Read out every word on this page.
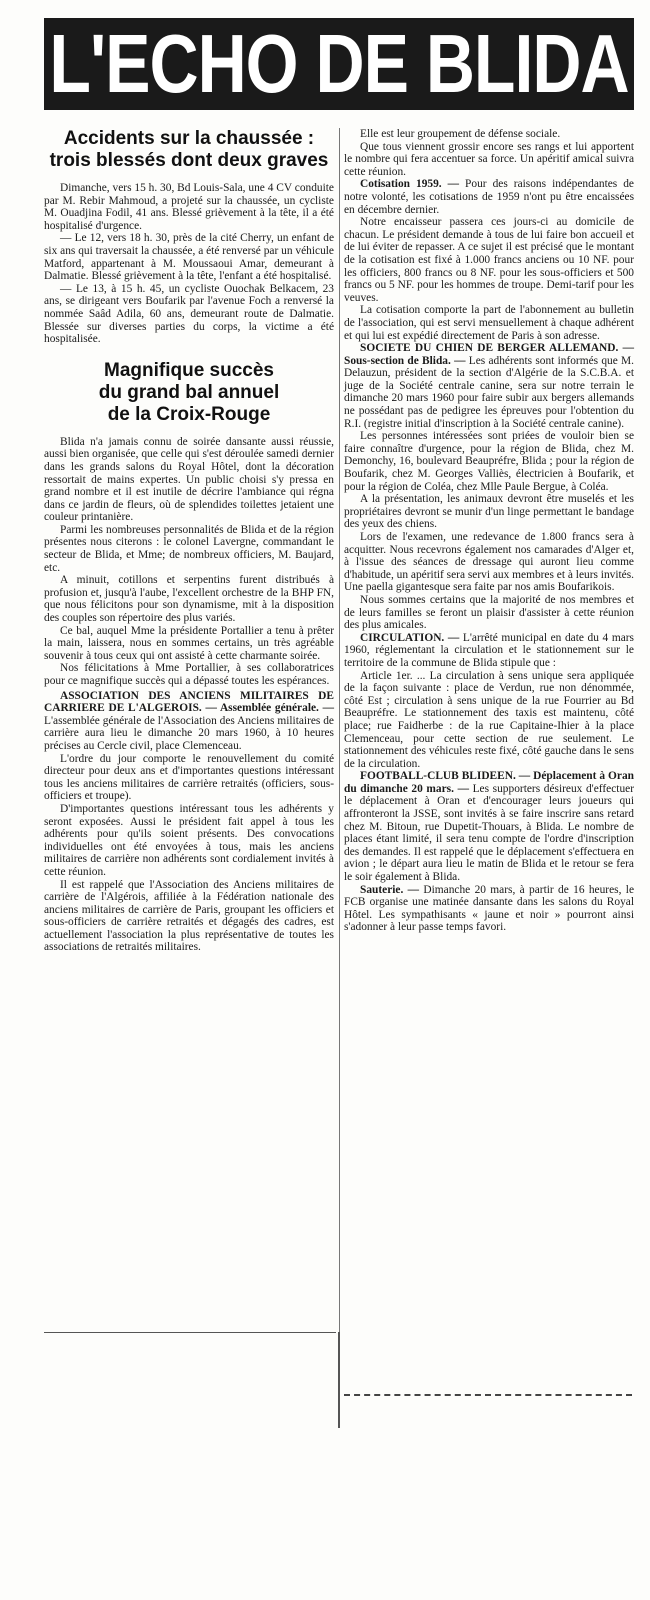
L'ECHO DE BLIDA
Accidents sur la chaussée :
trois blessés dont deux graves

Dimanche, vers 15 h. 30, Bd Louis-Sala, une 4 CV conduite par M. Rebir Mahmoud, a projeté sur la chaussée, un cycliste M. Ouadjina Fodil, 41 ans. Blessé grièvement à la tête, il a été hospitalisé d'urgence.

— Le 12, vers 18 h. 30, près de la cité Cherry, un enfant de six ans qui traversait la chaussée, a été renversé par un véhicule Matford, appartenant à M. Moussaoui Amar, demeurant à Dalmatie. Blessé grièvement à la tête, l'enfant a été hospitalisé.

— Le 13, à 15 h. 45, un cycliste Ouochak Belkacem, 23 ans, se dirigeant vers Boufarik par l'avenue Foch a renversé la nommée Saâd Adila, 60 ans, demeurant route de Dalmatie. Blessée sur diverses parties du corps, la victime a été hospitalisée.

Magnifique succès
du grand bal annuel
de la Croix-Rouge

Blida n'a jamais connu de soirée dansante aussi réussie, aussi bien organisée, que celle qui s'est déroulée samedi dernier dans les grands salons du Royal Hôtel, dont la décoration ressortait de mains expertes. Un public choisi s'y pressa en grand nombre et il est inutile de décrire l'ambiance qui régna dans ce jardin de fleurs, où de splendides toilettes jetaient une couleur printanière.

Parmi les nombreuses personnalités de Blida et de la région présentes nous citerons : le colonel Lavergne, commandant le secteur de Blida, et Mme; de nombreux officiers, M. Baujard, etc.

A minuit, cotillons et serpentins furent distribués à profusion et, jusqu'à l'aube, l'excellent orchestre de la BHP FN, que nous félicitons pour son dynamisme, mit à la disposition des couples son répertoire des plus variés.

Ce bal, auquel Mme la présidente Portallier a tenu à prêter la main, laissera, nous en sommes certains, un très agréable souvenir à tous ceux qui ont assisté à cette charmante soirée.

Nos félicitations à Mme Portallier, à ses collaboratrices pour ce magnifique succès qui a dépassé toutes les espérances.

ASSOCIATION DES ANCIENS MILITAIRES DE CARRIERE DE L'ALGEROIS. — Assemblée générale. — L'assemblée générale de l'Association des Anciens militaires de carrière aura lieu le dimanche 20 mars 1960, à 10 heures précises au Cercle civil, place Clemenceau.

L'ordre du jour comporte le renouvellement du comité directeur pour deux ans et d'importantes questions intéressant tous les anciens militaires de carrière retraités (officiers, sous-officiers et troupe).

D'importantes questions intéressant tous les adhérents y seront exposées. Aussi le président fait appel à tous les adhérents pour qu'ils soient présents. Des convocations individuelles ont été envoyées à tous, mais les anciens militaires de carrière non adhérents sont cordialement invités à cette réunion.

Il est rappelé que l'Association des Anciens militaires de carrière de l'Algérois, affiliée à la Fédération nationale des anciens militaires de carrière de Paris, groupant les officiers et sous-officiers de carrière retraités et dégagés des cadres, est actuellement l'association la plus représentative de toutes les associations de retraités militaires.

Elle est leur groupement de défense sociale.

Que tous viennent grossir encore ses rangs et lui apportent le nombre qui fera accentuer sa force. Un apéritif amical suivra cette réunion.

Cotisation 1959. — Pour des raisons indépendantes de notre volonté, les cotisations de 1959 n'ont pu être encaissées en décembre dernier.

Notre encaisseur passera ces jours-ci au domicile de chacun. Le président demande à tous de lui faire bon accueil et de lui éviter de repasser. A ce sujet il est précisé que le montant de la cotisation est fixé à 1.000 francs anciens ou 10 NF. pour les officiers, 800 francs ou 8 NF. pour les sous-officiers et 500 francs ou 5 NF. pour les hommes de troupe. Demi-tarif pour les veuves.

La cotisation comporte la part de l'abonnement au bulletin de l'association, qui est servi mensuellement à chaque adhérent et qui lui est expédié directement de Paris à son adresse.

SOCIETE DU CHIEN DE BERGER ALLEMAND. — Sous-section de Blida. — Les adhérents sont informés que M. Delauzun, président de la section d'Algérie de la S.C.B.A. et juge de la Société centrale canine, sera sur notre terrain le dimanche 20 mars 1960 pour faire subir aux bergers allemands ne possédant pas de pedigree les épreuves pour l'obtention du R.I. (registre initial d'inscription à la Société centrale canine).

Les personnes intéressées sont priées de vouloir bien se faire connaître d'urgence, pour la région de Blida, chez M. Demonchy, 16, boulevard Beaupréfre, Blida ; pour la région de Boufarik, chez M. Georges Valliès, électricien à Boufarik, et pour la région de Coléa, chez Mlle Paule Bergue, à Coléa.

A la présentation, les animaux devront être muselés et les propriétaires devront se munir d'un linge permettant le bandage des yeux des chiens.

Lors de l'examen, une redevance de 1.800 francs sera à acquitter. Nous recevrons également nos camarades d'Alger et, à l'issue des séances de dressage qui auront lieu comme d'habitude, un apéritif sera servi aux membres et à leurs invités. Une paella gigantesque sera faite par nos amis Boufarikois.

Nous sommes certains que la majorité de nos membres et de leurs familles se feront un plaisir d'assister à cette réunion des plus amicales.

CIRCULATION. — L'arrêté municipal en date du 4 mars 1960, réglementant la circulation et le stationnement sur le territoire de la commune de Blida stipule que :

Article 1er. ... La circulation à sens unique sera appliquée de la façon suivante : place de Verdun, rue non dénommée, côté Est ; circulation à sens unique de la rue Fourrier au Bd Beaupréfre. Le stationnement des taxis est maintenu, côté place; rue Faidherbe : de la rue Capitaine-Ihier à la place Clemenceau, pour cette section de rue seulement. Le stationnement des véhicules reste fixé, côté gauche dans le sens de la circulation.

FOOTBALL-CLUB BLIDEEN. — Déplacement à Oran du dimanche 20 mars. — Les supporters désireux d'effectuer le déplacement à Oran et d'encourager leurs joueurs qui affronteront la JSSE, sont invités à se faire inscrire sans retard chez M. Bitoun, rue Dupetit-Thouars, à Blida. Le nombre de places étant limité, il sera tenu compte de l'ordre d'inscription des demandes. Il est rappelé que le déplacement s'effectuera en avion ; le départ aura lieu le matin de Blida et le retour se fera le soir également à Blida.

Sauterie. — Dimanche 20 mars, à partir de 16 heures, le FCB organise une matinée dansante dans les salons du Royal Hôtel. Les sympathisants « jaune et noir » pourront ainsi s'adonner à leur passe temps favori.
